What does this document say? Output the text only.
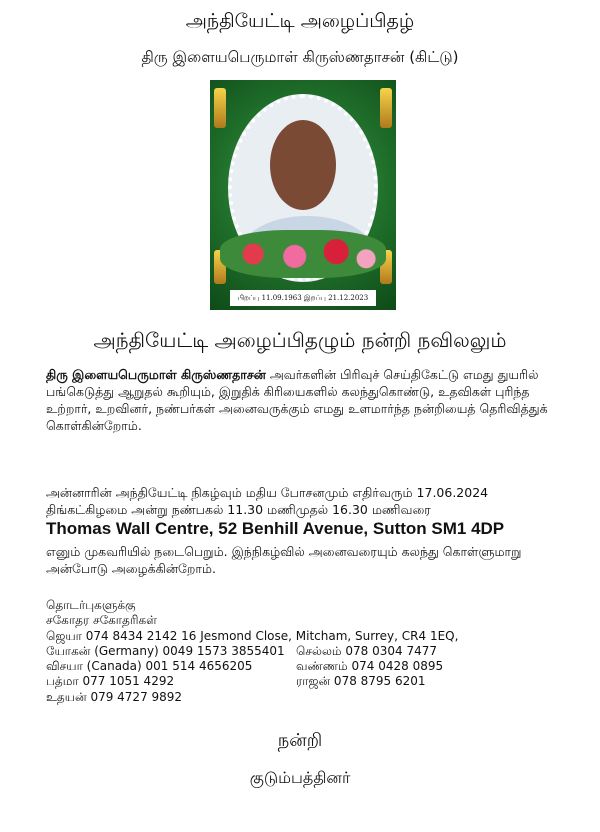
அந்தியேட்டி அழைப்பிதழ்
திரு இளையபெருமாள் கிருஸ்ணதாசன் (கிட்டு)
பிறப்பு 11.09.1963 இறப்பு 21.12.2023
அந்தியேட்டி அழைப்பிதழும் நன்றி நவிலலும்
திரு இளையபெருமாள் கிருஸ்ணதாசன் அவர்களின் பிரிவுச் செய்திகேட்டு எமது துயரில் பங்கெடுத்து ஆறுதல் கூறியும், இறுதிக் கிரியைகளில் கலந்துகொண்டு, உதவிகள் புரிந்த உற்றார், உறவினர், நண்பர்கள் அனைவருக்கும் எமது உளமார்ந்த நன்றியைத் தெரிவித்துக் கொள்கின்றோம்.
அன்னாரின் அந்தியேட்டி நிகழ்வும் மதிய போசனமும் எதிர்வரும் 17.06.2024
திங்கட்கிழமை அன்று நண்பகல் 11.30 மணிமுதல் 16.30 மணிவரை
Thomas Wall Centre, 52 Benhill Avenue, Sutton SM1 4DP
எனும் முகவரியில் நடைபெறும். இந்நிகழ்வில் அனைவரையும் கலந்து கொள்ளுமாறு அன்போடு அழைக்கின்றோம்.
தொடர்புகளுக்கு
சகோதர சகோதரிகள்
ஜெயா 074 8434 2142 16 Jesmond Close, Mitcham, Surrey, CR4 1EQ,
யோகன் (Germany) 0049 1573 3855401 செல்லம் 078 0304 7477
விசயா (Canada) 001 514 4656205	வண்ணம் 074 0428 0895
பத்மா 077 1051 4292	ராஜன் 078 8795 6201
உதயன் 079 4727 9892
நன்றி
குடும்பத்தினர்
